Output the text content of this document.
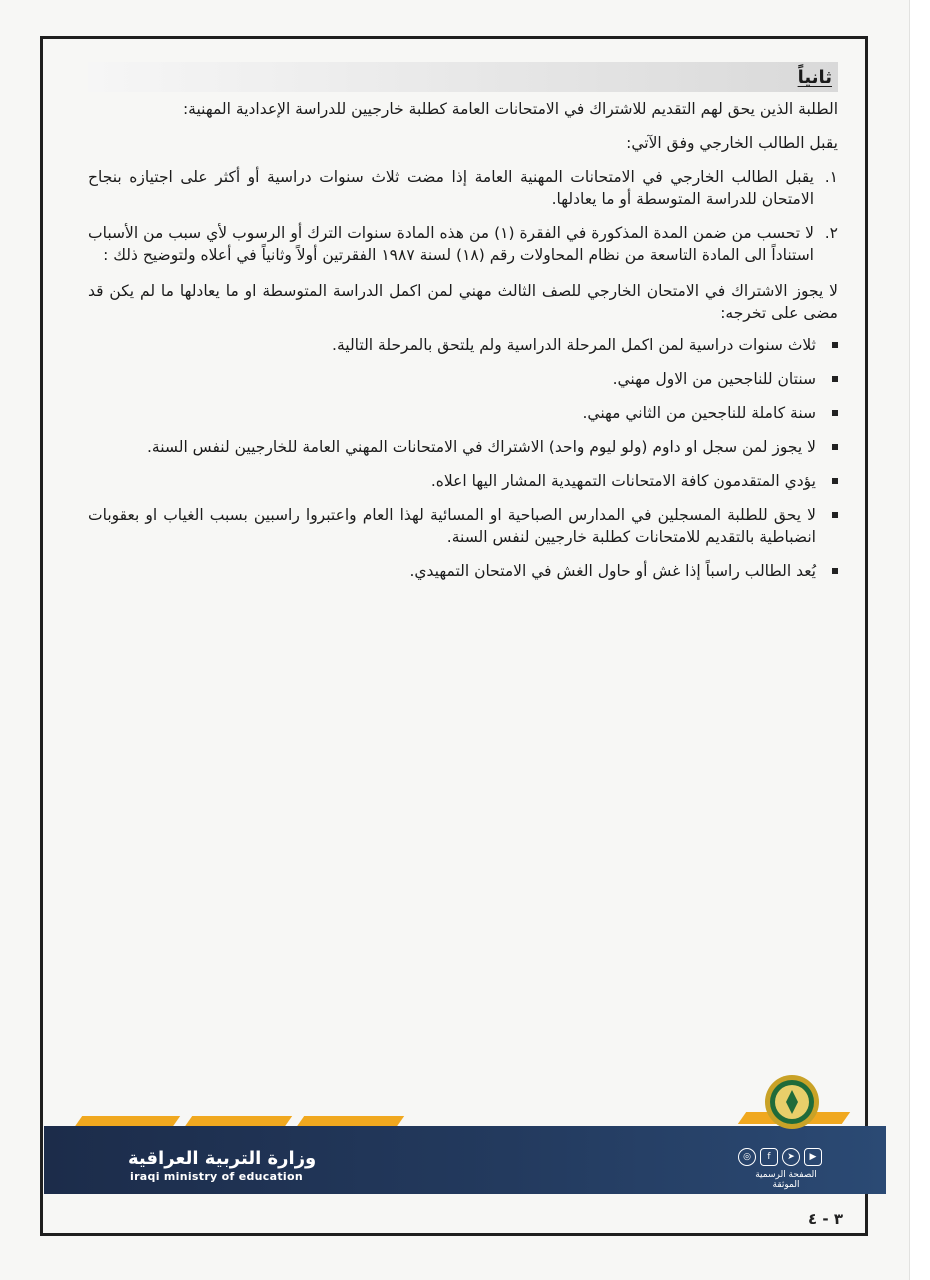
ثانياً

الطلبة الذين يحق لهم التقديم للاشتراك في الامتحانات العامة كطلبة خارجيين للدراسة الإعدادية المهنية:

يقبل الطالب الخارجي وفق الآتي:

١.
يقبل الطالب الخارجي في الامتحانات المهنية العامة إذا مضت ثلاث سنوات دراسية أو أكثر على اجتيازه بنجاح الامتحان للدراسة المتوسطة أو ما يعادلها.
٢.
لا تحسب من ضمن المدة المذكورة في الفقرة (١) من هذه المادة سنوات الترك أو الرسوب لأي سبب من الأسباب استناداً الى المادة التاسعة من نظام المحاولات رقم (١٨) لسنة ١٩٨٧ الفقرتين أولاً وثانياً في أعلاه ولتوضيح ذلك :

لا يجوز الاشتراك في الامتحان الخارجي للصف الثالث مهني لمن اكمل الدراسة المتوسطة او ما يعادلها ما لم يكن قد مضى على تخرجه:

ثلاث سنوات دراسية لمن اكمل المرحلة الدراسية ولم يلتحق بالمرحلة التالية.
سنتان للناجحين من الاول مهني.
سنة كاملة للناجحين من الثاني مهني.
لا يجوز لمن سجل او داوم (ولو ليوم واحد) الاشتراك في الامتحانات المهني العامة للخارجيين لنفس السنة.
يؤدي المتقدمون كافة الامتحانات التمهيدية المشار اليها اعلاه.
لا يحق للطلبة المسجلين في المدارس الصباحية او المسائية لهذا العام واعتبروا راسبين بسبب الغياب او بعقوبات انضباطية بالتقديم للامتحانات كطلبة خارجيين لنفس السنة.
يُعد الطالب راسباً إذا غش أو حاول الغش في الامتحان التمهيدي.
وزارة التربية العراقية
iraqi ministry of education
◎	f	➤	▶
الصفحة الرسمية الموثقة
٣ - ٤
